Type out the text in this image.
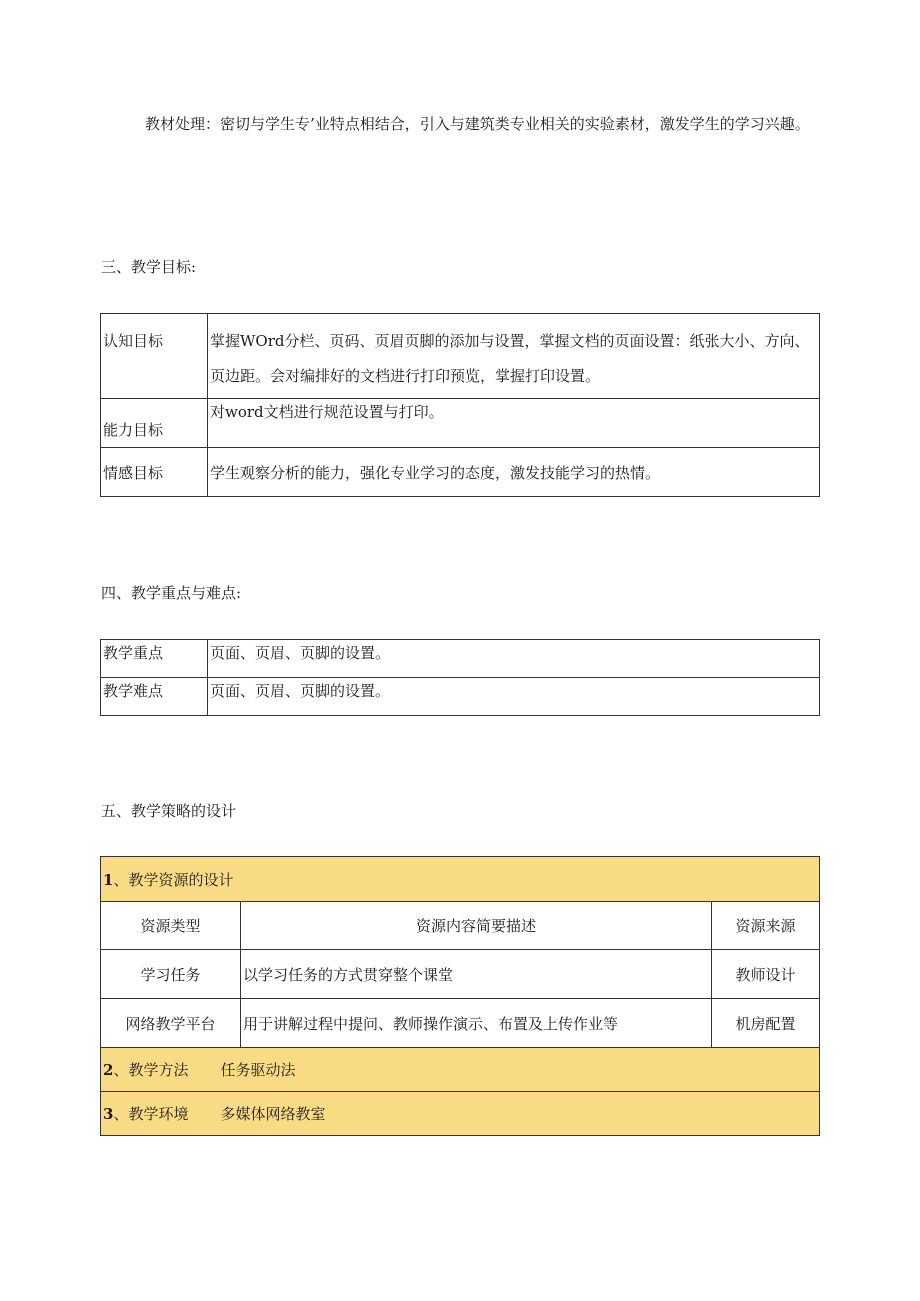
教材处理：密切与学生专’业特点相结合，引入与建筑类专业相关的实验素材，激发学生的学习兴趣。

三、教学目标:
认知目标	掌握WOrd分栏、页码、页眉页脚的添加与设置，掌握文档的页面设置：纸张大小、方向、页边距。会对编排好的文档进行打印预览，掌握打印设置。
能力目标	对word文档进行规范设置与打印。
情感目标	学生观察分析的能力，强化专业学习的态度，激发技能学习的热情。
四、教学重点与难点:
教学重点	页面、页眉、页脚的设置。
教学难点	页面、页眉、页脚的设置。
五、教学策略的设计
1、教学资源的设计		
资源类型	资源内容简要描述	资源来源
学习任务	以学习任务的方式贯穿整个课堂	教师设计
网络教学平台	用于讲解过程中提问、教师操作演示、布置及上传作业等	机房配置
2、教学方法 任务驱动法		
3、教学环境 多媒体网络教室		
